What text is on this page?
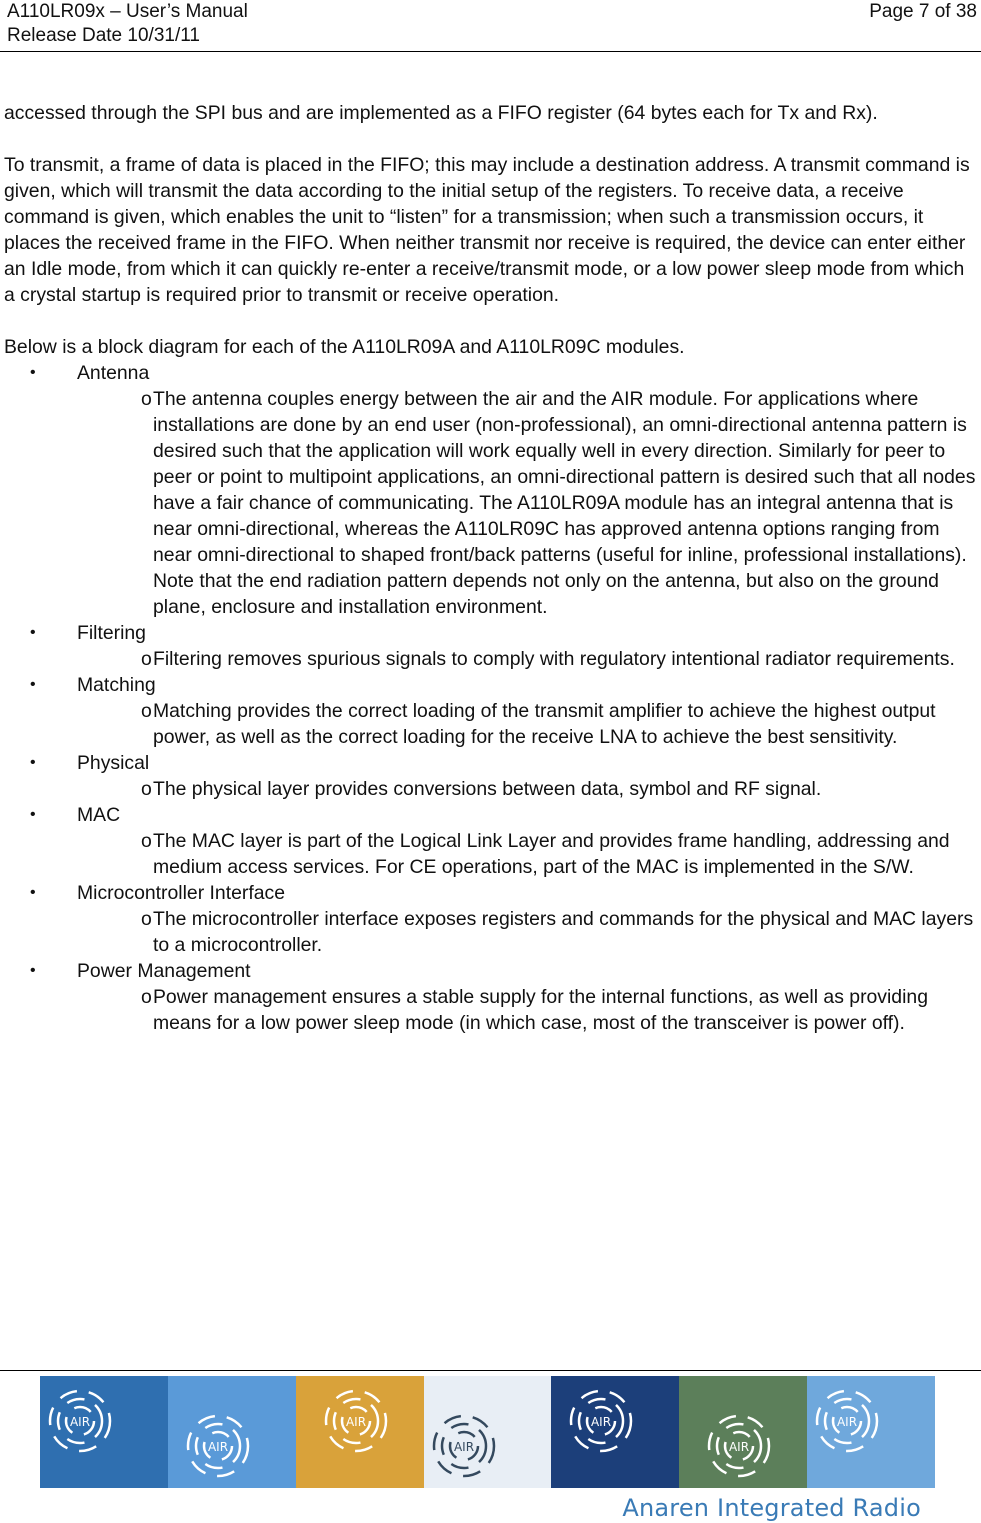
A110LR09x – User’s Manual
Release Date 10/31/11
Page 7 of 38

accessed through the SPI bus and are implemented as a FIFO register (64 bytes each for Tx and Rx).

To transmit, a frame of data is placed in the FIFO; this may include a destination address. A transmit command is given, which will transmit the data according to the initial setup of the registers. To receive data, a receive command is given, which enables the unit to “listen” for a transmission; when such a transmission occurs, it places the received frame in the FIFO. When neither transmit nor receive is required, the device can enter either an Idle mode, from which it can quickly re-enter a receive/transmit mode, or a low power sleep mode from which a crystal startup is required prior to transmit or receive operation.

Below is a block diagram for each of the A110LR09A and A110LR09C modules.

• Antenna
o The antenna couples energy between the air and the AIR module. For applications where installations are done by an end user (non-professional), an omni-directional antenna pattern is desired such that the application will work equally well in every direction. Similarly for peer to peer or point to multipoint applications, an omni-directional pattern is desired such that all nodes have a fair chance of communicating. The A110LR09A module has an integral antenna that is near omni-directional, whereas the A110LR09C has approved antenna options ranging from near omni-directional to shaped front/back patterns (useful for inline, professional installations). Note that the end radiation pattern depends not only on the antenna, but also on the ground plane, enclosure and installation environment.
• Filtering
o Filtering removes spurious signals to comply with regulatory intentional radiator requirements.
• Matching
o Matching provides the correct loading of the transmit amplifier to achieve the highest output power, as well as the correct loading for the receive LNA to achieve the best sensitivity.
• Physical
o The physical layer provides conversions between data, symbol and RF signal.
• MAC
o The MAC layer is part of the Logical Link Layer and provides frame handling, addressing and medium access services. For CE operations, part of the MAC is implemented in the S/W.
• Microcontroller Interface
o The microcontroller interface exposes registers and commands for the physical and MAC layers to a microcontroller.
• Power Management
o Power management ensures a stable supply for the internal functions, as well as providing means for a low power sleep mode (in which case, most of the transceiver is power off).
AIR
AIR
AIR
AIR
AIR
AIR
AIR
Anaren Integrated Radio
